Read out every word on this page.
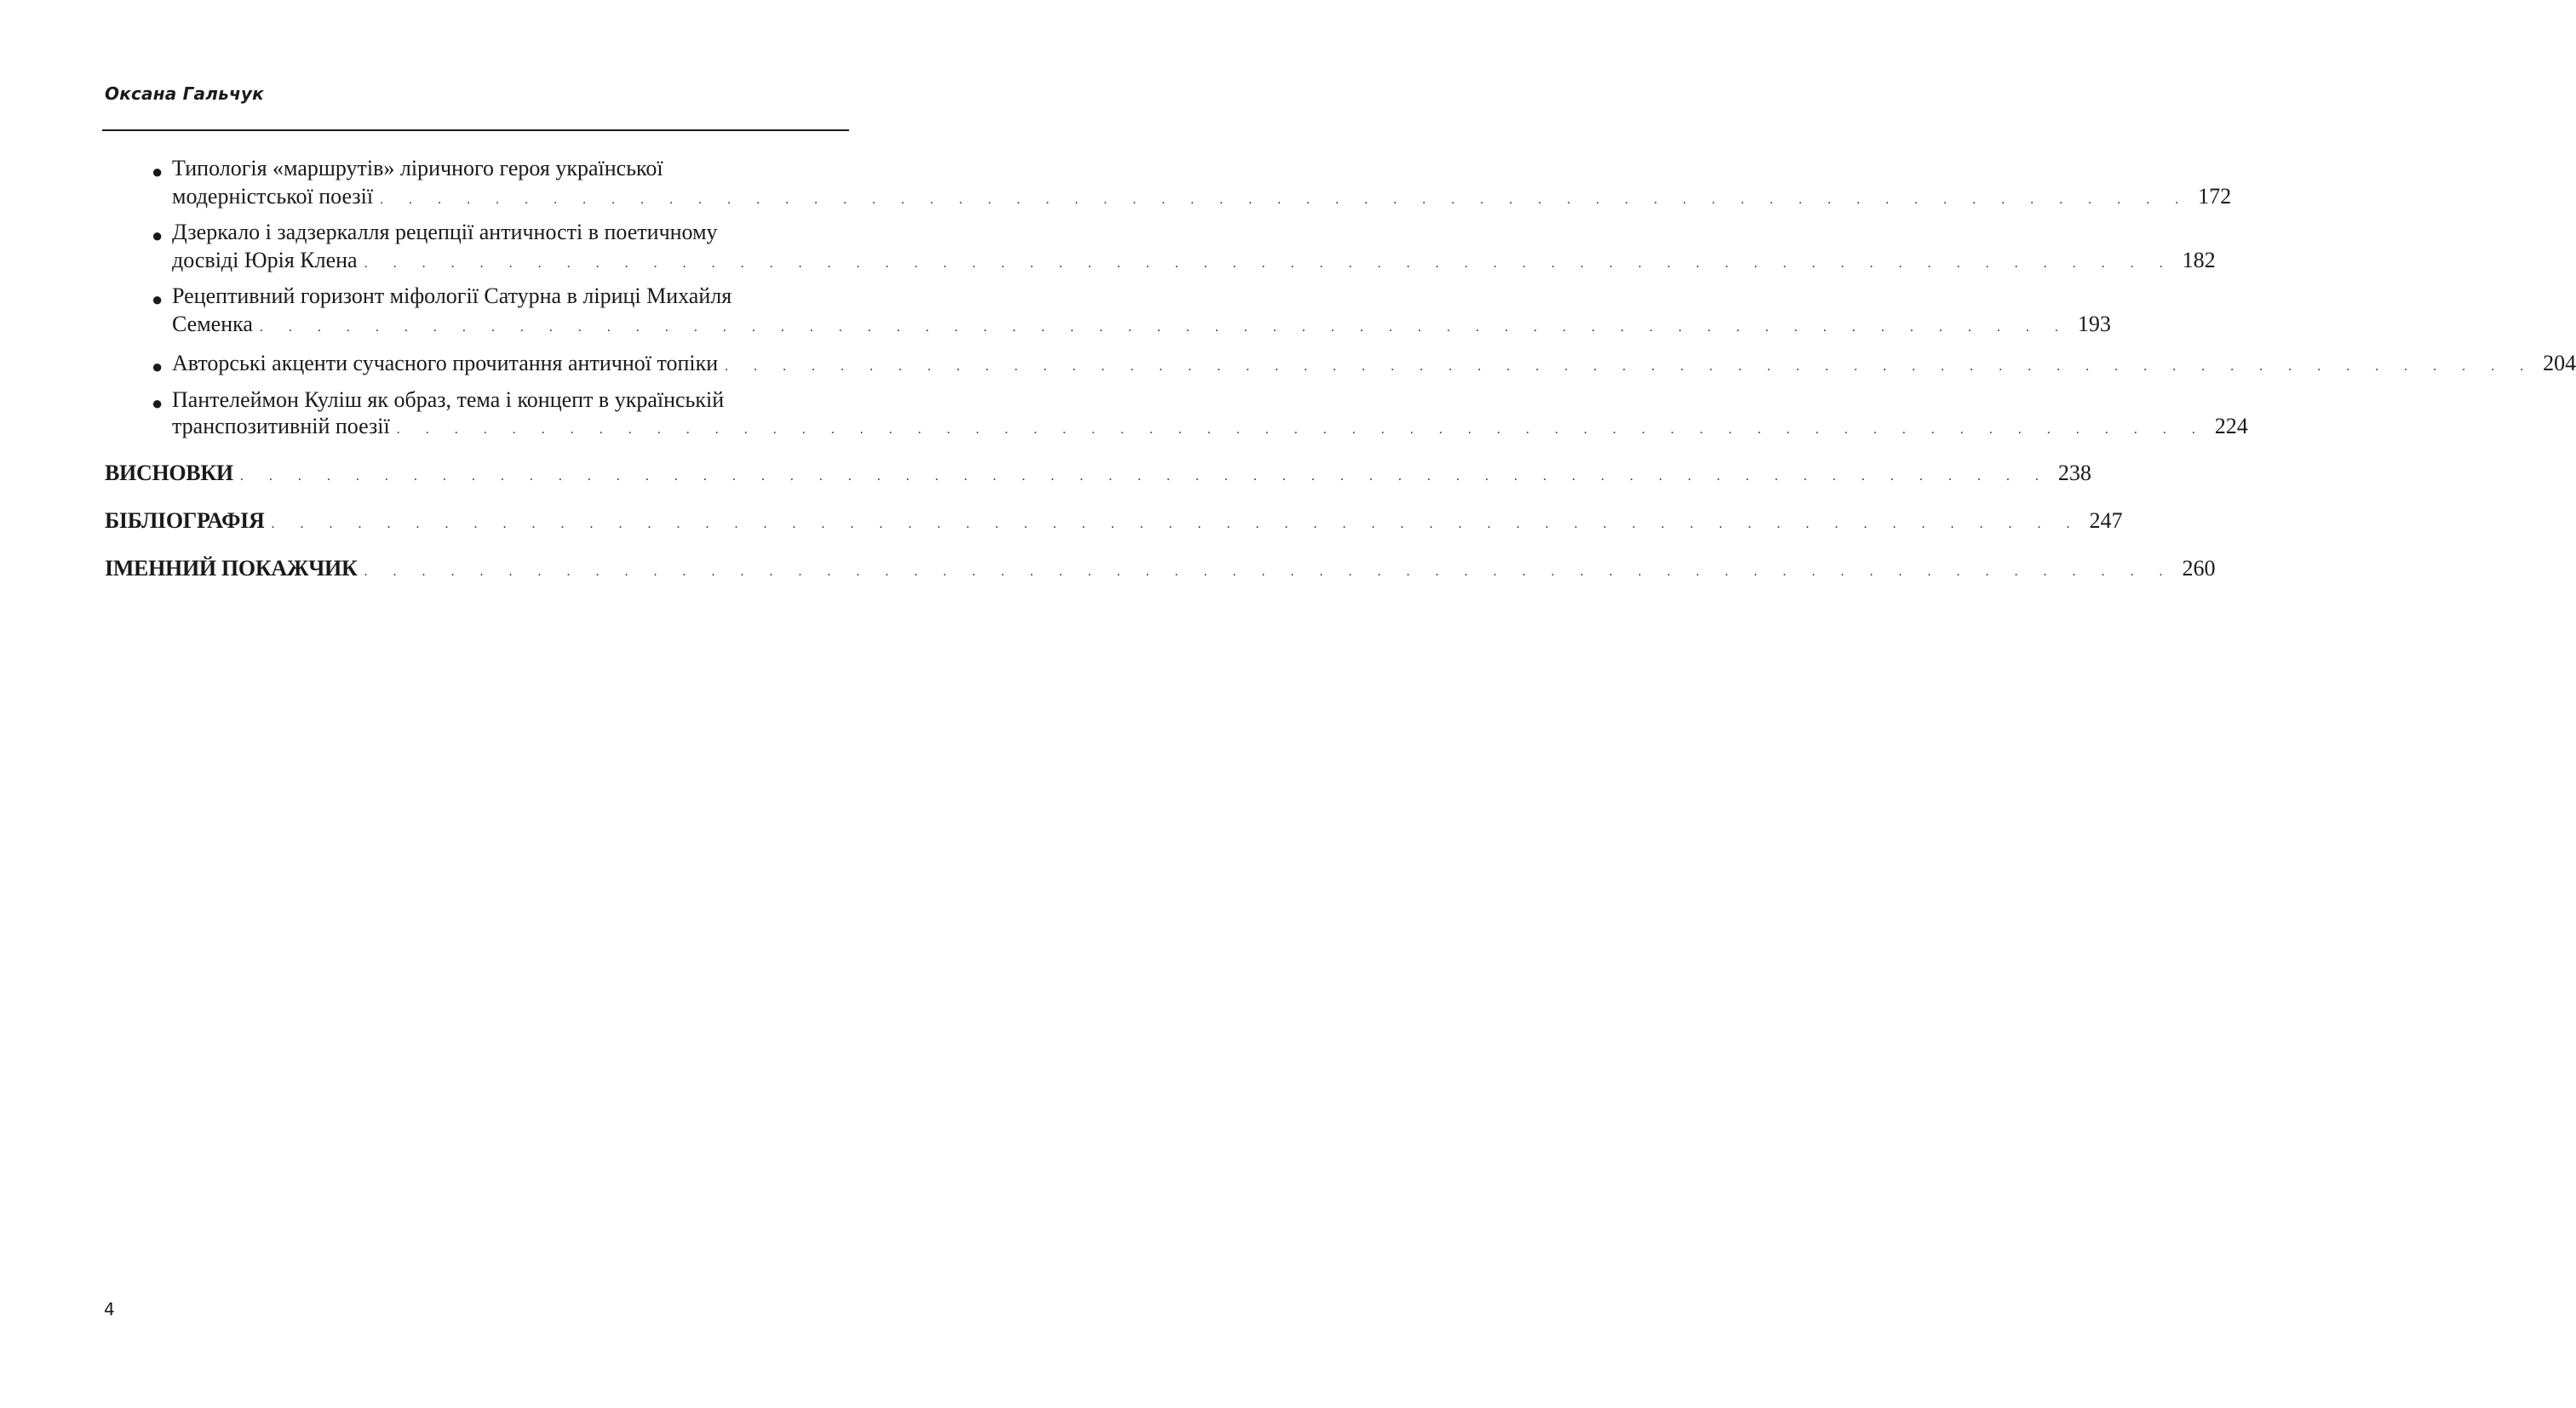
Оксана Гальчук
● Типологія «маршрутів» ліричного героя української
модерністської поезії . . . . . . . . . . . . . . . . . . . . . . . . . . . . . . . . . . . . . . . . . . . . . . . . . . . . . . . . . . . . . . . 172
● Дзеркало і задзеркалля рецепції античності в поетичному
досвіді Юрія Клена . . . . . . . . . . . . . . . . . . . . . . . . . . . . . . . . . . . . . . . . . . . . . . . . . . . . . . . . . . . . . . . 182
● Рецептивний горизонт міфології Сатурна в ліриці Михайля
Семенка . . . . . . . . . . . . . . . . . . . . . . . . . . . . . . . . . . . . . . . . . . . . . . . . . . . . . . . . . . . . . . . 193
● Авторські акценти сучасного прочитання античної топіки . . . . . . . . . . . . . . . . . . . . . . . . . . . . . . . . . . . . . . . . . . . . . . . . . . . . . . . . . . . . . . . 204
● Пантелеймон Куліш як образ, тема і концепт в українській
транспозитивній поезії . . . . . . . . . . . . . . . . . . . . . . . . . . . . . . . . . . . . . . . . . . . . . . . . . . . . . . . . . . . . . . . 224
ВИСНОВКИ . . . . . . . . . . . . . . . . . . . . . . . . . . . . . . . . . . . . . . . . . . . . . . . . . . . . . . . . . . . . . . . 238
БІБЛІОГРАФІЯ . . . . . . . . . . . . . . . . . . . . . . . . . . . . . . . . . . . . . . . . . . . . . . . . . . . . . . . . . . . . . . . 247
ІМЕННИЙ ПОКАЖЧИК . . . . . . . . . . . . . . . . . . . . . . . . . . . . . . . . . . . . . . . . . . . . . . . . . . . . . . . . . . . . . . . 260
4
